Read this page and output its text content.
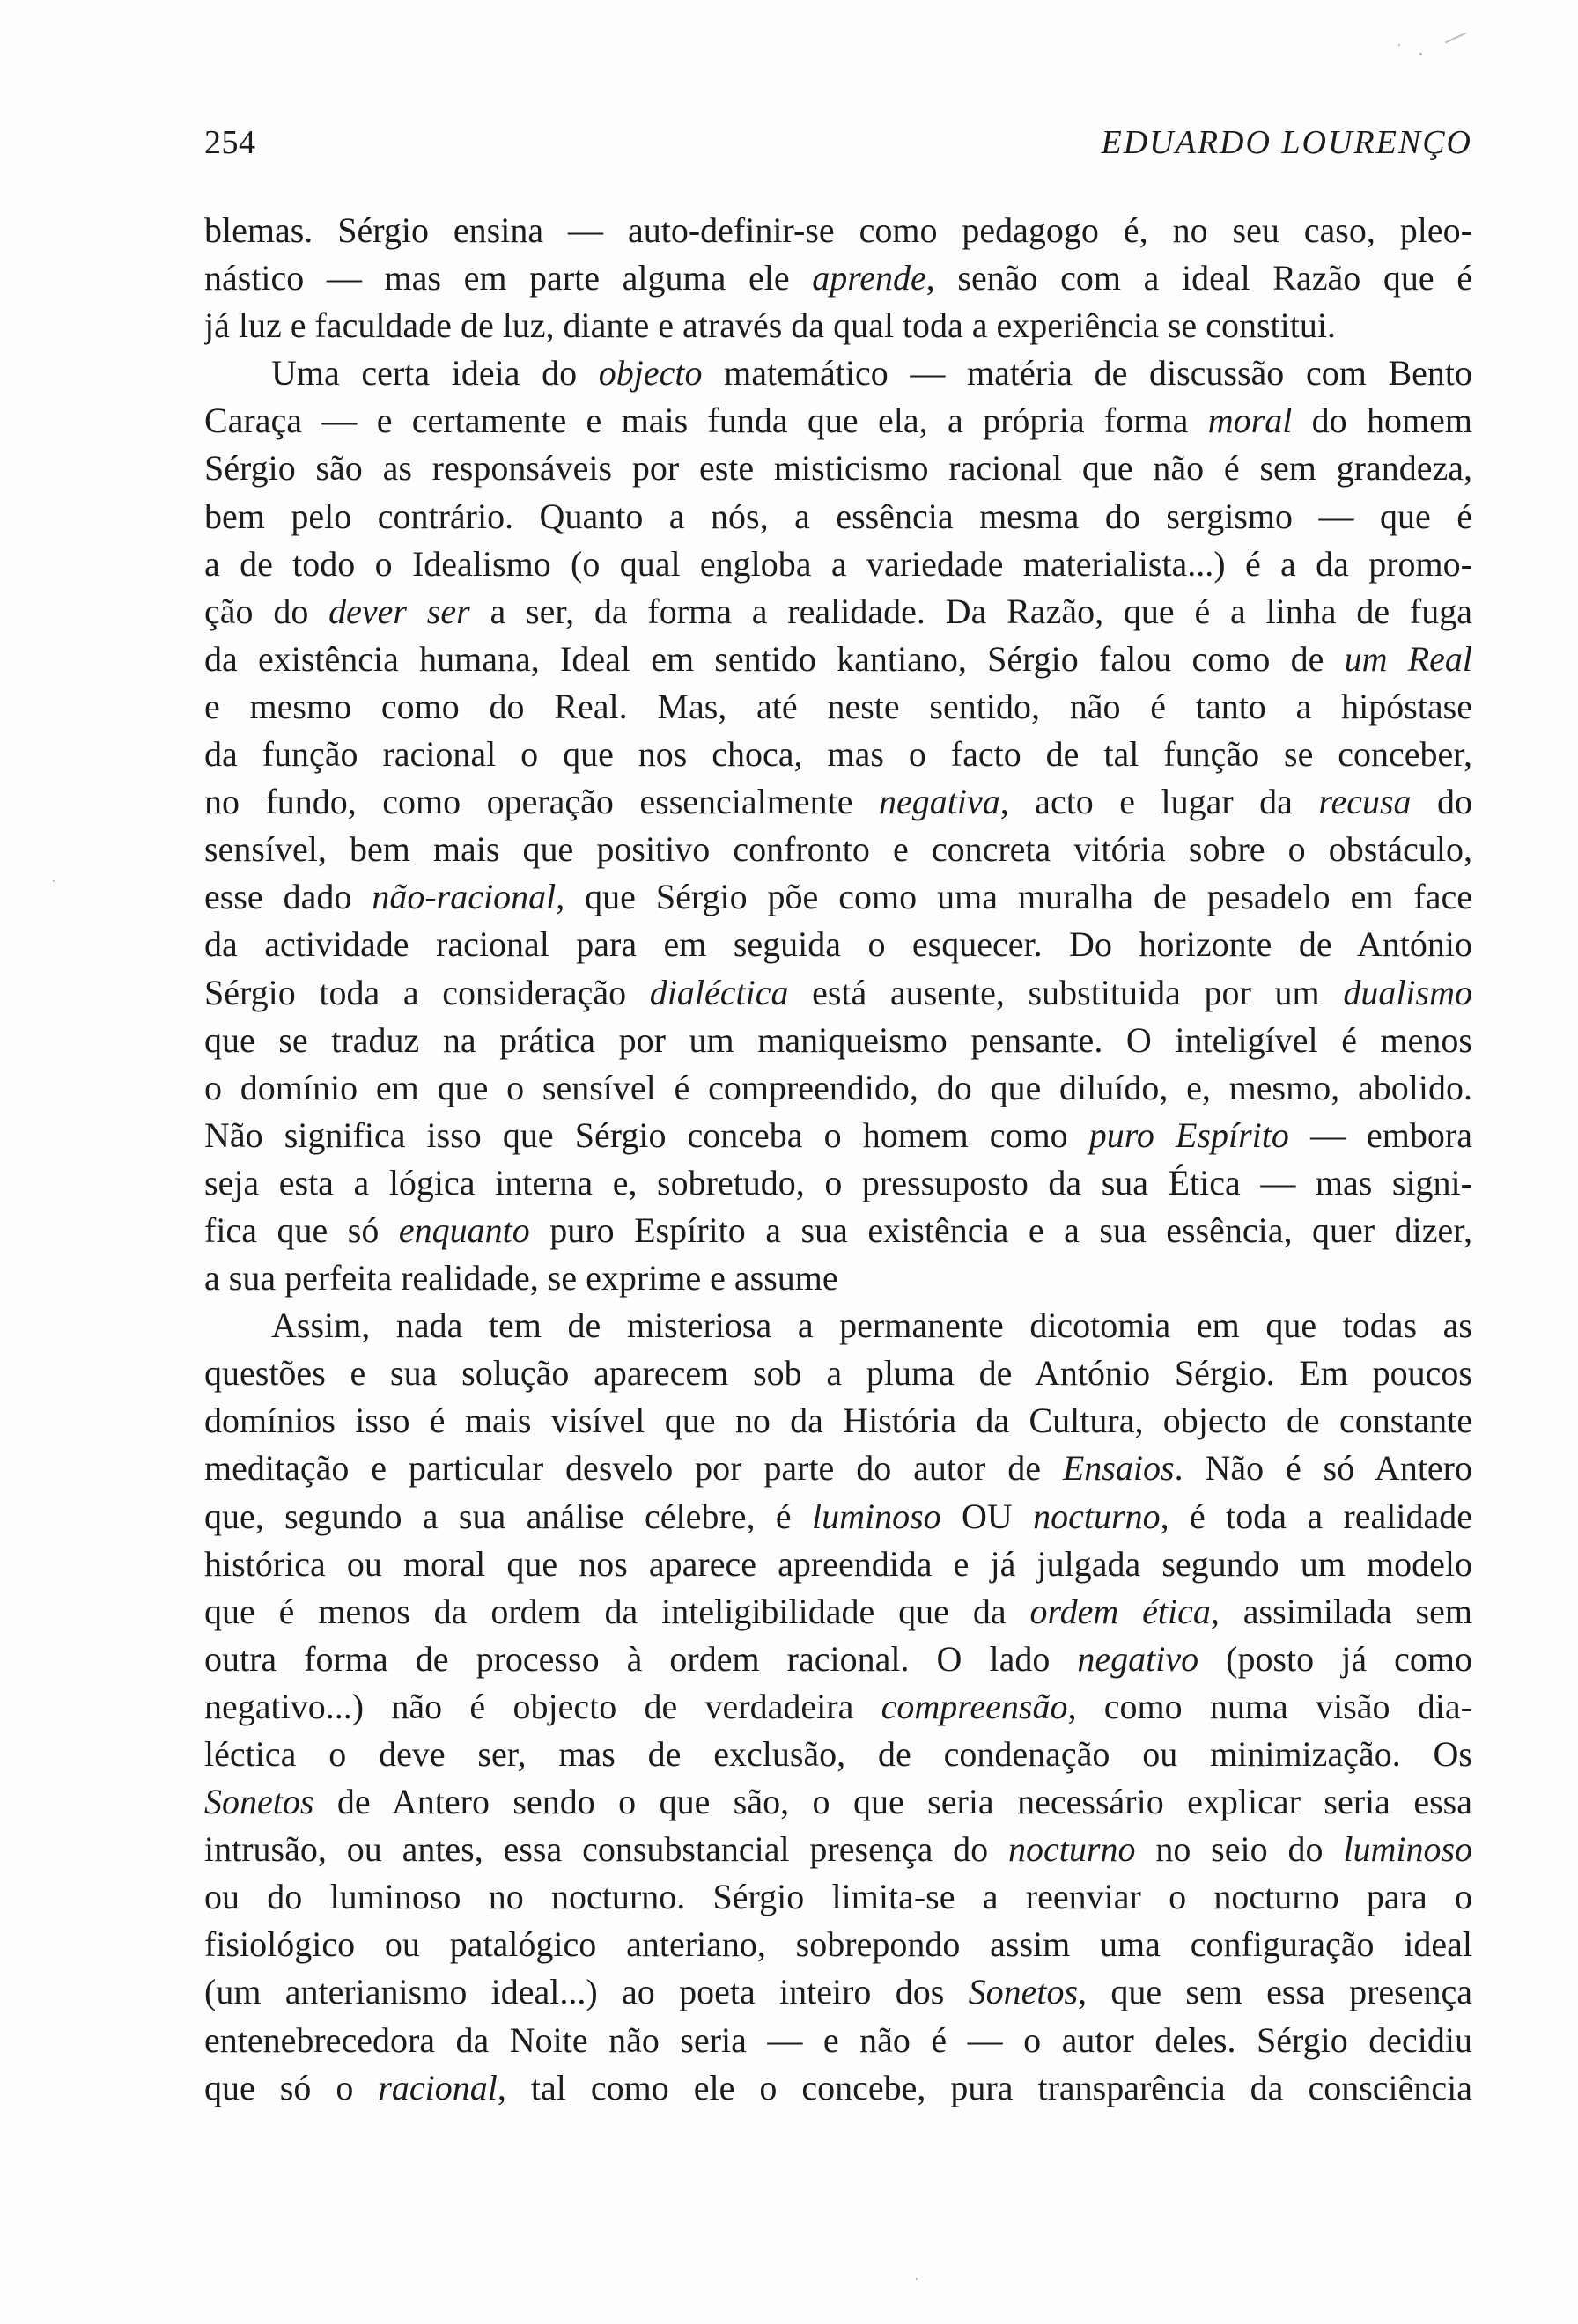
254	EDUARDO LOURENÇO
blemas. Sérgio ensina — auto-definir-se como pedagogo é, no seu caso, pleo-
nástico — mas em parte alguma ele aprende, senão com a ideal Razão que é
já luz e faculdade de luz, diante e através da qual toda a experiência se constitui.
Uma certa ideia do objecto matemático — matéria de discussão com Bento
Caraça — e certamente e mais funda que ela, a própria forma moral do homem
Sérgio são as responsáveis por este misticismo racional que não é sem grandeza,
bem pelo contrário. Quanto a nós, a essência mesma do sergismo — que é
a de todo o Idealismo (o qual engloba a variedade materialista...) é a da promo-
ção do dever ser a ser, da forma a realidade. Da Razão, que é a linha de fuga
da existência humana, Ideal em sentido kantiano, Sérgio falou como de um Real
e mesmo como do Real. Mas, até neste sentido, não é tanto a hipóstase
da função racional o que nos choca, mas o facto de tal função se conceber,
no fundo, como operação essencialmente negativa, acto e lugar da recusa do
sensível, bem mais que positivo confronto e concreta vitória sobre o obstáculo,
esse dado não-racional, que Sérgio põe como uma muralha de pesadelo em face
da actividade racional para em seguida o esquecer. Do horizonte de António
Sérgio toda a consideração dialéctica está ausente, substituida por um dualismo
que se traduz na prática por um maniqueismo pensante. O inteligível é menos
o domínio em que o sensível é compreendido, do que diluído, e, mesmo, abolido.
Não significa isso que Sérgio conceba o homem como puro Espírito — embora
seja esta a lógica interna e, sobretudo, o pressuposto da sua Ética — mas signi-
fica que só enquanto puro Espírito a sua existência e a sua essência, quer dizer,
a sua perfeita realidade, se exprime e assume
Assim, nada tem de misteriosa a permanente dicotomia em que todas as
questões e sua solução aparecem sob a pluma de António Sérgio. Em poucos
domínios isso é mais visível que no da História da Cultura, objecto de constante
meditação e particular desvelo por parte do autor de Ensaios. Não é só Antero
que, segundo a sua análise célebre, é luminoso OU nocturno, é toda a realidade
histórica ou moral que nos aparece apreendida e já julgada segundo um modelo
que é menos da ordem da inteligibilidade que da ordem ética, assimilada sem
outra forma de processo à ordem racional. O lado negativo (posto já como
negativo...) não é objecto de verdadeira compreensão, como numa visão dia-
léctica o deve ser, mas de exclusão, de condenação ou minimização. Os
Sonetos de Antero sendo o que são, o que seria necessário explicar seria essa
intrusão, ou antes, essa consubstancial presença do nocturno no seio do luminoso
ou do luminoso no nocturno. Sérgio limita-se a reenviar o nocturno para o
fisiológico ou patalógico anteriano, sobrepondo assim uma configuração ideal
(um anterianismo ideal...) ao poeta inteiro dos Sonetos, que sem essa presença
entenebrecedora da Noite não seria — e não é — o autor deles. Sérgio decidiu
que só o racional, tal como ele o concebe, pura transparência da consciência
